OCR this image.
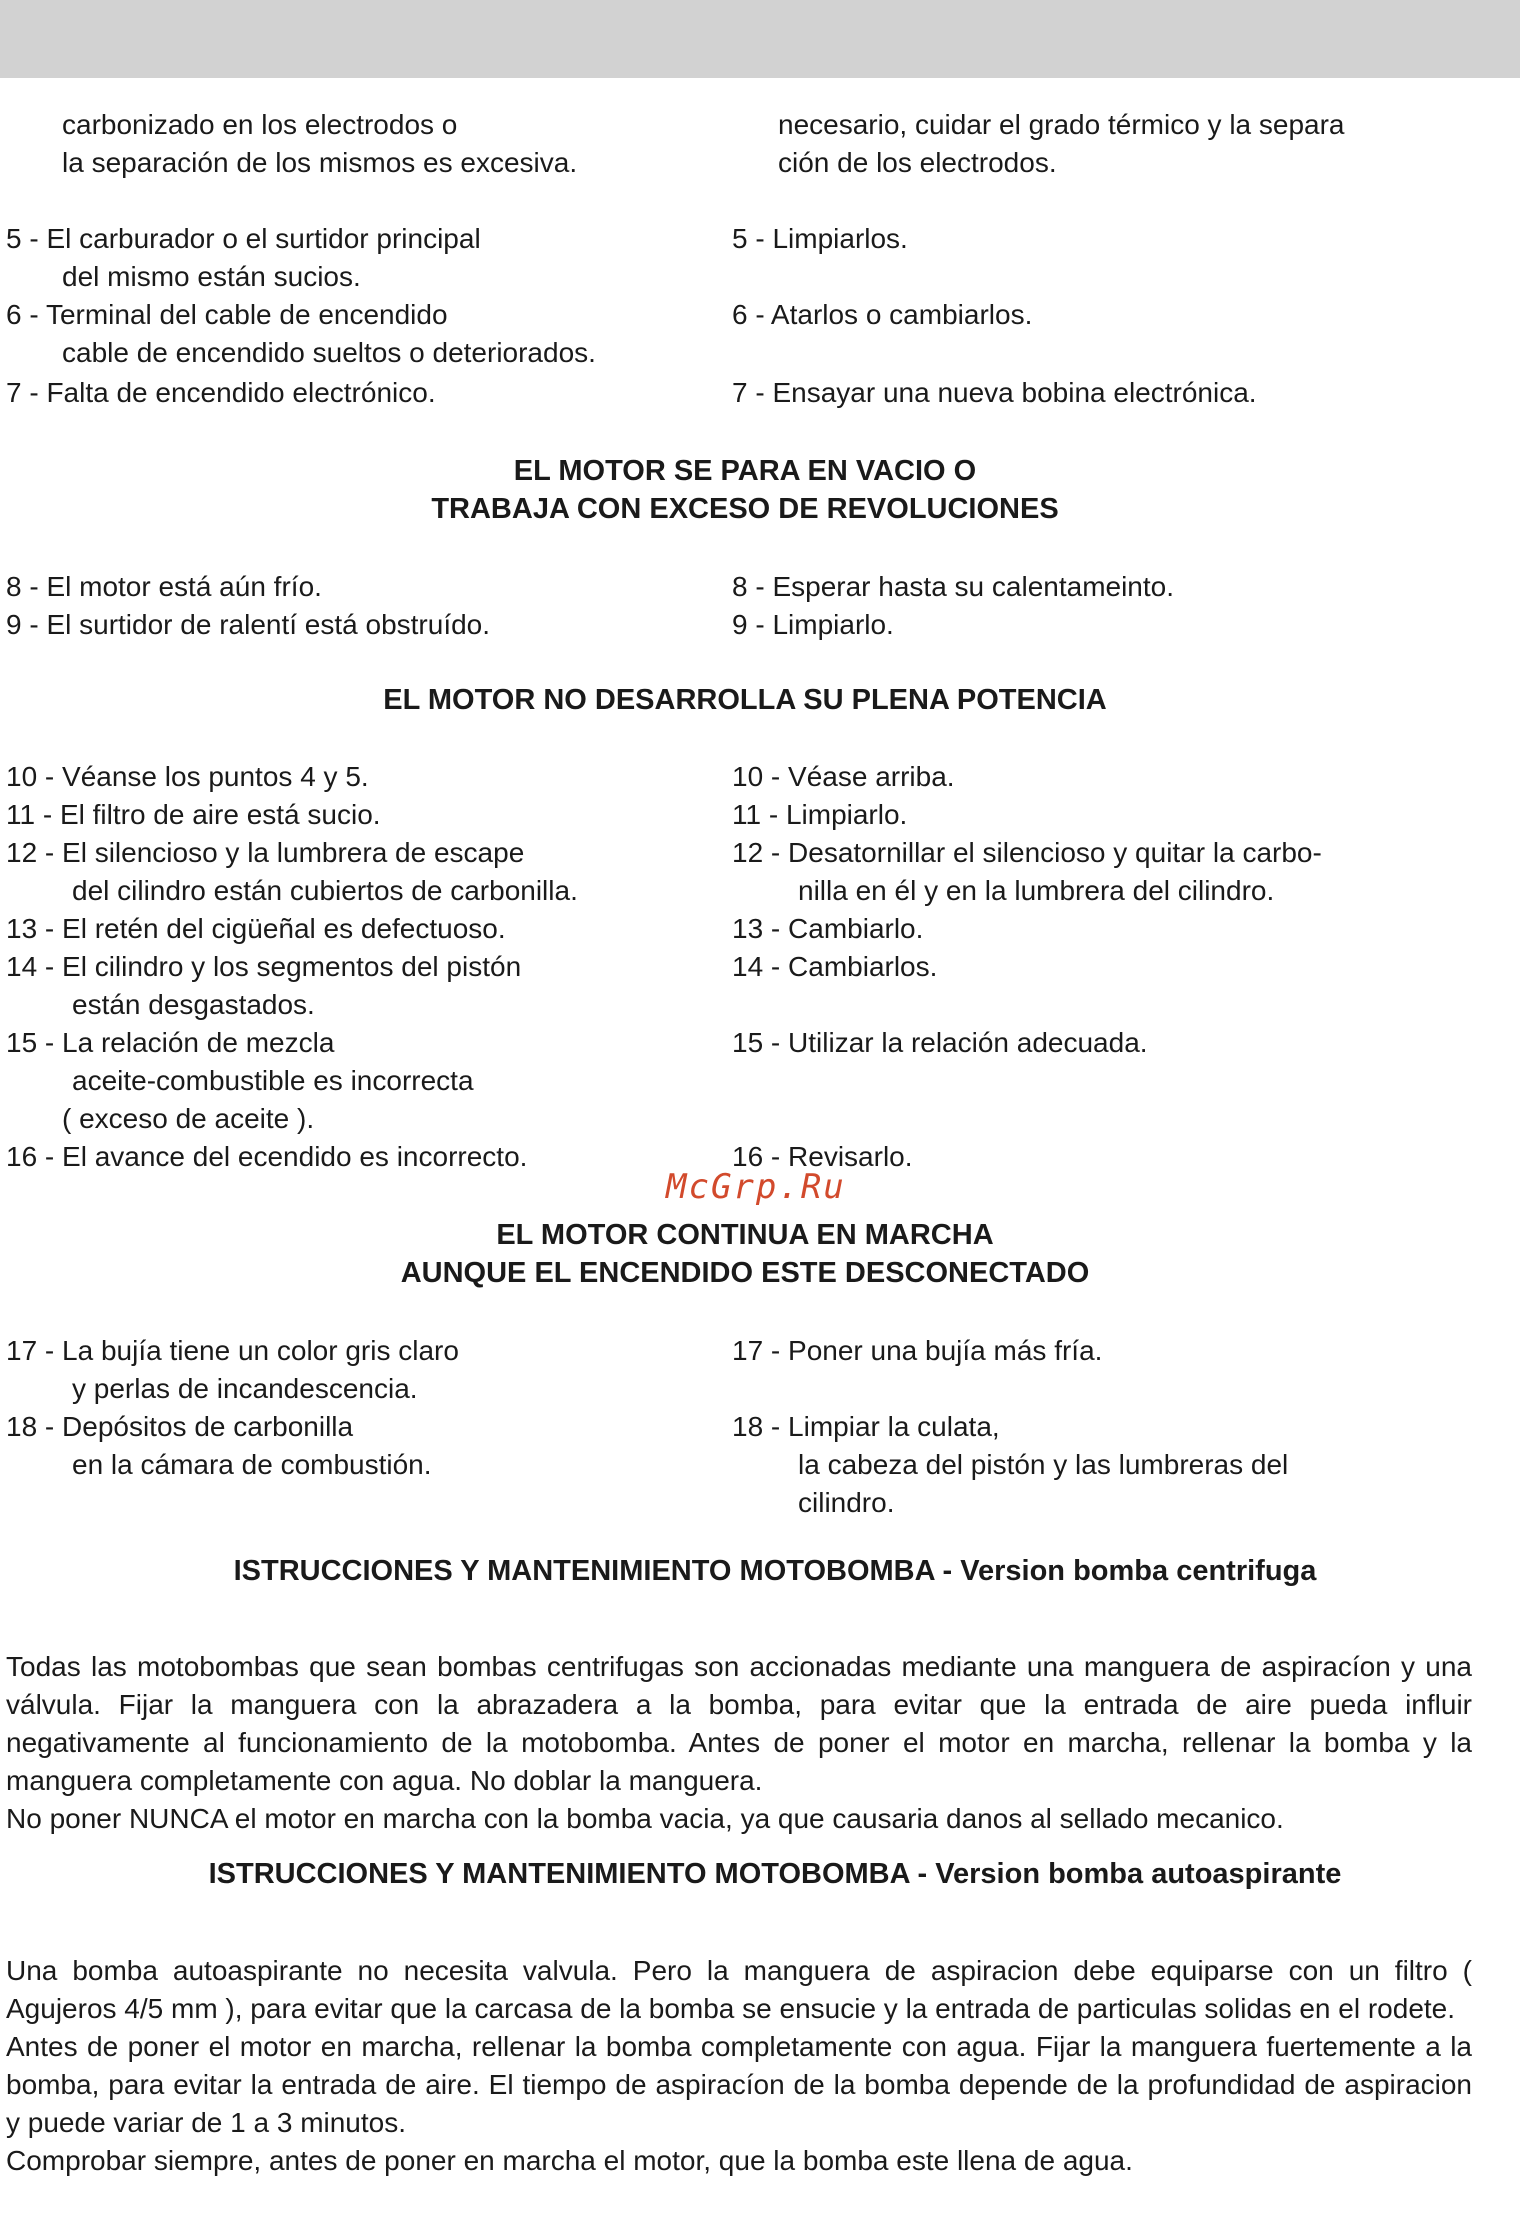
carbonizado en los electrodos o
la separación de los mismos es excesiva.
necesario, cuidar el grado térmico y la separa
ción de los electrodos.
5 - El carburador o el surtidor principal
del mismo están sucios.
6 - Terminal del cable de encendido
cable de encendido sueltos o deteriorados.
7 - Falta de encendido electrónico.
5 - Limpiarlos.
6 - Atarlos o cambiarlos.
7 - Ensayar una nueva bobina electrónica.
EL MOTOR SE PARA EN VACIO O
TRABAJA CON EXCESO DE REVOLUCIONES
8 - El motor está aún frío.
9 - El surtidor de ralentí está obstruído.
8 - Esperar hasta su calentameinto.
9 - Limpiarlo.
EL MOTOR NO DESARROLLA SU PLENA POTENCIA
10 - Véanse los puntos 4 y 5.
11 - El filtro de aire está sucio.
12 - El silencioso y la lumbrera de escape
del cilindro están cubiertos de carbonilla.
13 - El retén del cigüeñal es defectuoso.
14 - El cilindro y los segmentos del pistón
están desgastados.
15 - La relación de mezcla
aceite-combustible es incorrecta
( exceso de aceite ).
16 - El avance del ecendido es incorrecto.
10 - Véase arriba.
11 - Limpiarlo.
12 - Desatornillar el silencioso y quitar la carbo-
nilla en él y en la lumbrera del cilindro.
13 - Cambiarlo.
14 - Cambiarlos.
15 - Utilizar la relación adecuada.
16 - Revisarlo.
McGrp.Ru
EL MOTOR CONTINUA EN MARCHA
AUNQUE EL ENCENDIDO ESTE DESCONECTADO
17 - La bujía tiene un color gris claro
y perlas de incandescencia.
18 - Depósitos de carbonilla
en la cámara de combustión.
17 - Poner una bujía más fría.
18 - Limpiar la culata,
la cabeza del pistón y las lumbreras del
cilindro.
ISTRUCCIONES Y MANTENIMIENTO MOTOBOMBA - Version bomba centrifuga

Todas las motobombas que sean bombas centrifugas son accionadas mediante una manguera de aspiracíon y una válvula. Fijar la manguera con la abrazadera a la bomba, para evitar que la entrada de aire pueda influir negativamente al funcionamiento de la motobomba. Antes de poner el motor en marcha, rellenar la bomba y la manguera completamente con agua. No doblar la manguera.

No poner NUNCA el motor en marcha con la bomba vacia, ya que causaria danos al sellado mecanico.

ISTRUCCIONES Y MANTENIMIENTO MOTOBOMBA - Version bomba autoaspirante

Una bomba autoaspirante no necesita valvula. Pero la manguera de aspiracion debe equiparse con un filtro ( Agujeros 4/5 mm ), para evitar que la carcasa de la bomba se ensucie y la entrada de particulas solidas en el rodete.

Antes de poner el motor en marcha, rellenar la bomba completamente con agua. Fijar la manguera fuertemente a la bomba, para evitar la entrada de aire. El tiempo de aspiracíon de la bomba depende de la profundidad de aspiracion y puede variar de 1 a 3 minutos.

Comprobar siempre, antes de poner en marcha el motor, que la bomba este llena de agua.
